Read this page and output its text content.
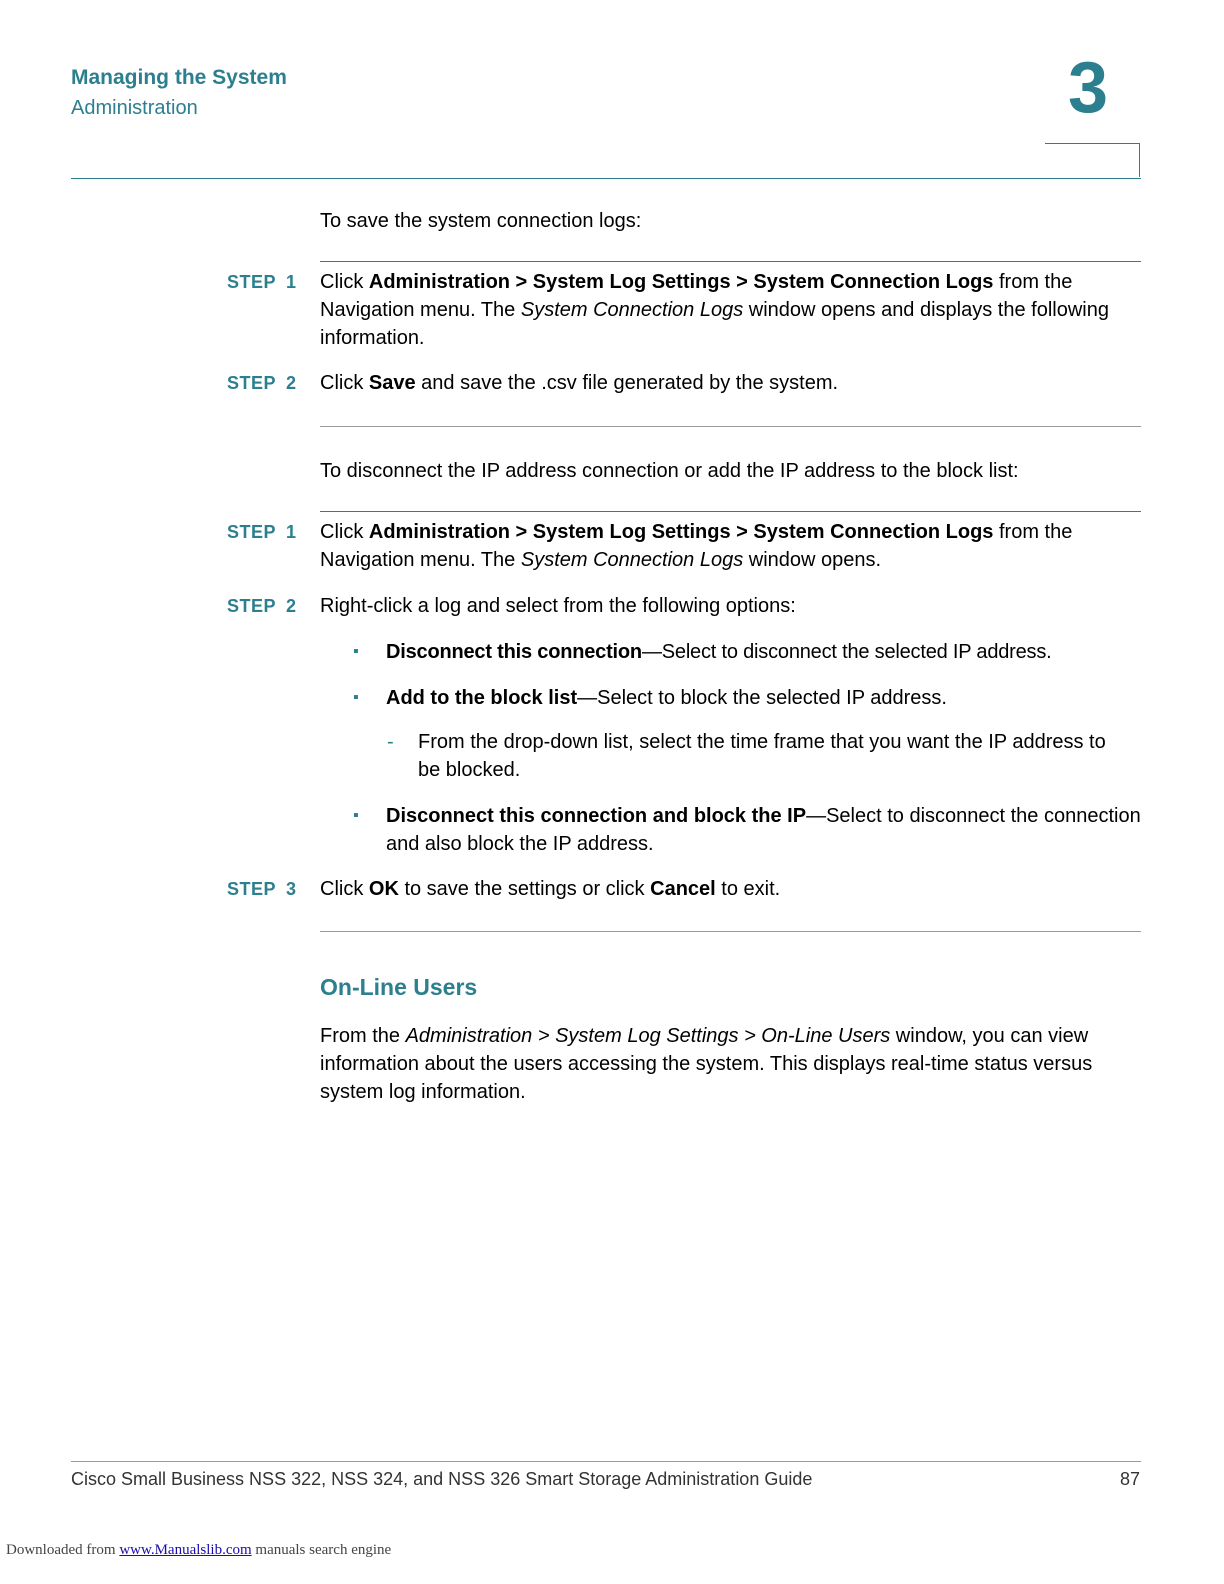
Managing the System
Administration	3
To save the system connection logs:
STEP 1 Click Administration > System Log Settings > System Connection Logs from the Navigation menu. The System Connection Logs window opens and displays the following information.
STEP 2 Click Save and save the .csv file generated by the system.
To disconnect the IP address connection or add the IP address to the block list:
STEP 1 Click Administration > System Log Settings > System Connection Logs from the Navigation menu. The System Connection Logs window opens.
STEP 2 Right-click a log and select from the following options:
▪ Disconnect this connection—Select to disconnect the selected IP address.
▪ Add to the block list—Select to block the selected IP address.
- From the drop-down list, select the time frame that you want the IP address to be blocked.
▪ Disconnect this connection and block the IP—Select to disconnect the connection and also block the IP address.
STEP 3 Click OK to save the settings or click Cancel to exit.
On-Line Users
From the Administration > System Log Settings > On-Line Users window, you can view information about the users accessing the system. This displays real-time status versus system log information.
Cisco Small Business NSS 322, NSS 324, and NSS 326 Smart Storage Administration Guide	87
Downloaded from www.Manualslib.com manuals search engine
